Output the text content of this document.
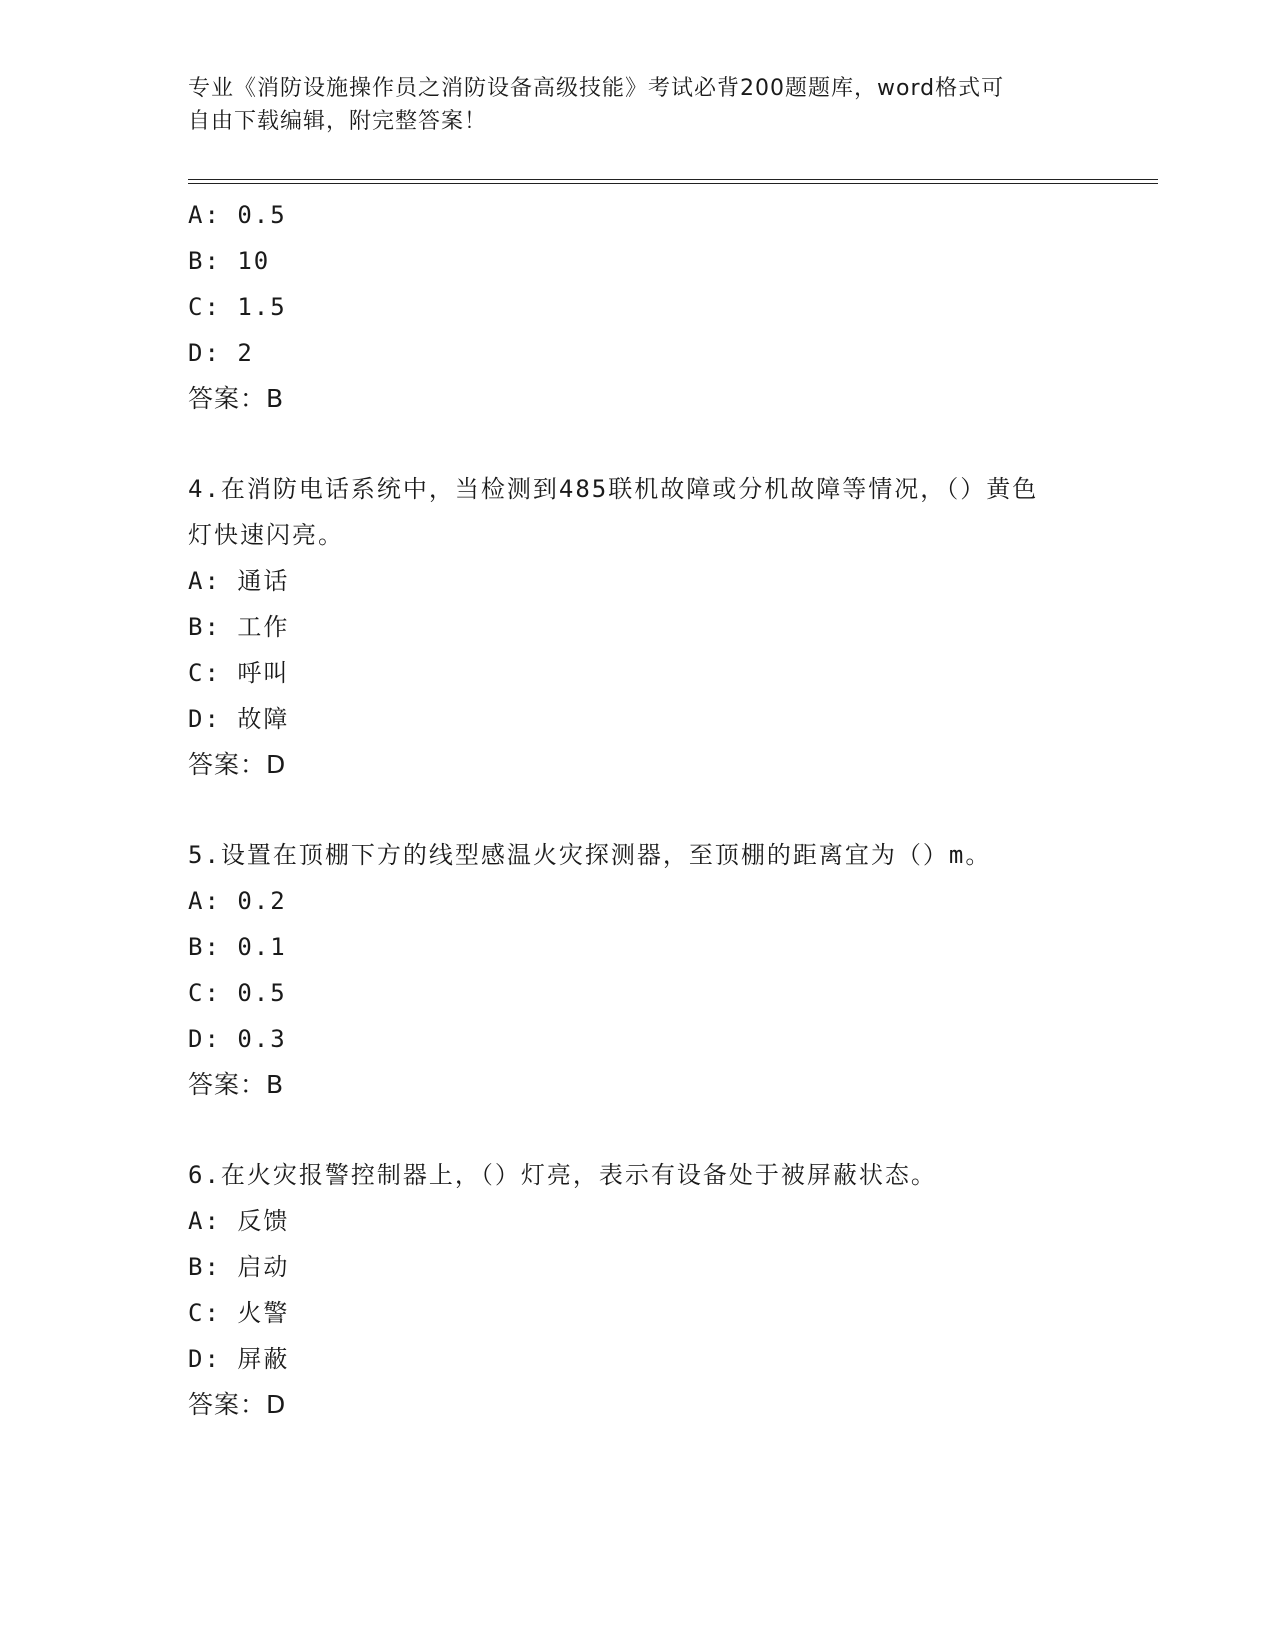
专业《消防设施操作员之消防设备高级技能》考试必背200题题库，word格式可
自由下载编辑，附完整答案！
A: 0.5
B: 10
C: 1.5
D: 2
答案：B
4.在消防电话系统中，当检测到485联机故障或分机故障等情况，（）黄色灯快速闪亮。
A: 通话
B: 工作
C: 呼叫
D: 故障
答案：D
5.设置在顶棚下方的线型感温火灾探测器，至顶棚的距离宜为（）m。
A: 0.2
B: 0.1
C: 0.5
D: 0.3
答案：B
6.在火灾报警控制器上，（）灯亮，表示有设备处于被屏蔽状态。
A: 反馈
B: 启动
C: 火警
D: 屏蔽
答案：D
